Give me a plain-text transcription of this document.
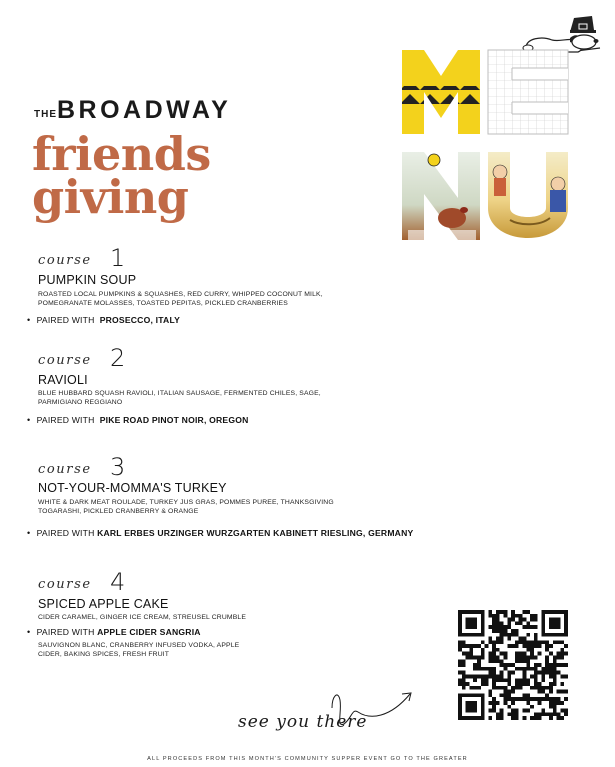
THE BROADWAY
friends
giving
course 1
PUMPKIN SOUP
ROASTED LOCAL PUMPKINS & SQUASHES, RED CURRY, WHIPPED COCONUT MILK,
POMEGRANATE MOLASSES, TOASTED PEPITAS, PICKLED CRANBERRIES
• PAIRED WITH PROSECCO, ITALY
course 2
RAVIOLI
BLUE HUBBARD SQUASH RAVIOLI, ITALIAN SAUSAGE, FERMENTED CHILES, SAGE,
PARMIGIANO REGGIANO
• PAIRED WITH PIKE ROAD PINOT NOIR, OREGON
course 3
NOT-YOUR-MOMMA'S TURKEY
WHITE & DARK MEAT ROULADE, TURKEY JUS GRAS, POMMES PUREE, THANKSGIVING
TOGARASHI, PICKLED CRANBERRY & ORANGE
• PAIRED WITH KARL ERBES URZINGER WURZGARTEN KABINETT RIESLING, GERMANY
course 4
SPICED APPLE CAKE
CIDER CARAMEL, GINGER ICE CREAM, STREUSEL CRUMBLE
• PAIRED WITH APPLE CIDER SANGRIA
SAUVIGNON BLANC, CRANBERRY INFUSED VODKA, APPLE
CIDER, BAKING SPICES, FRESH FRUIT
see you there
ALL PROCEEDS FROM THIS MONTH'S COMMUNITY SUPPER EVENT GO TO THE GREATER
